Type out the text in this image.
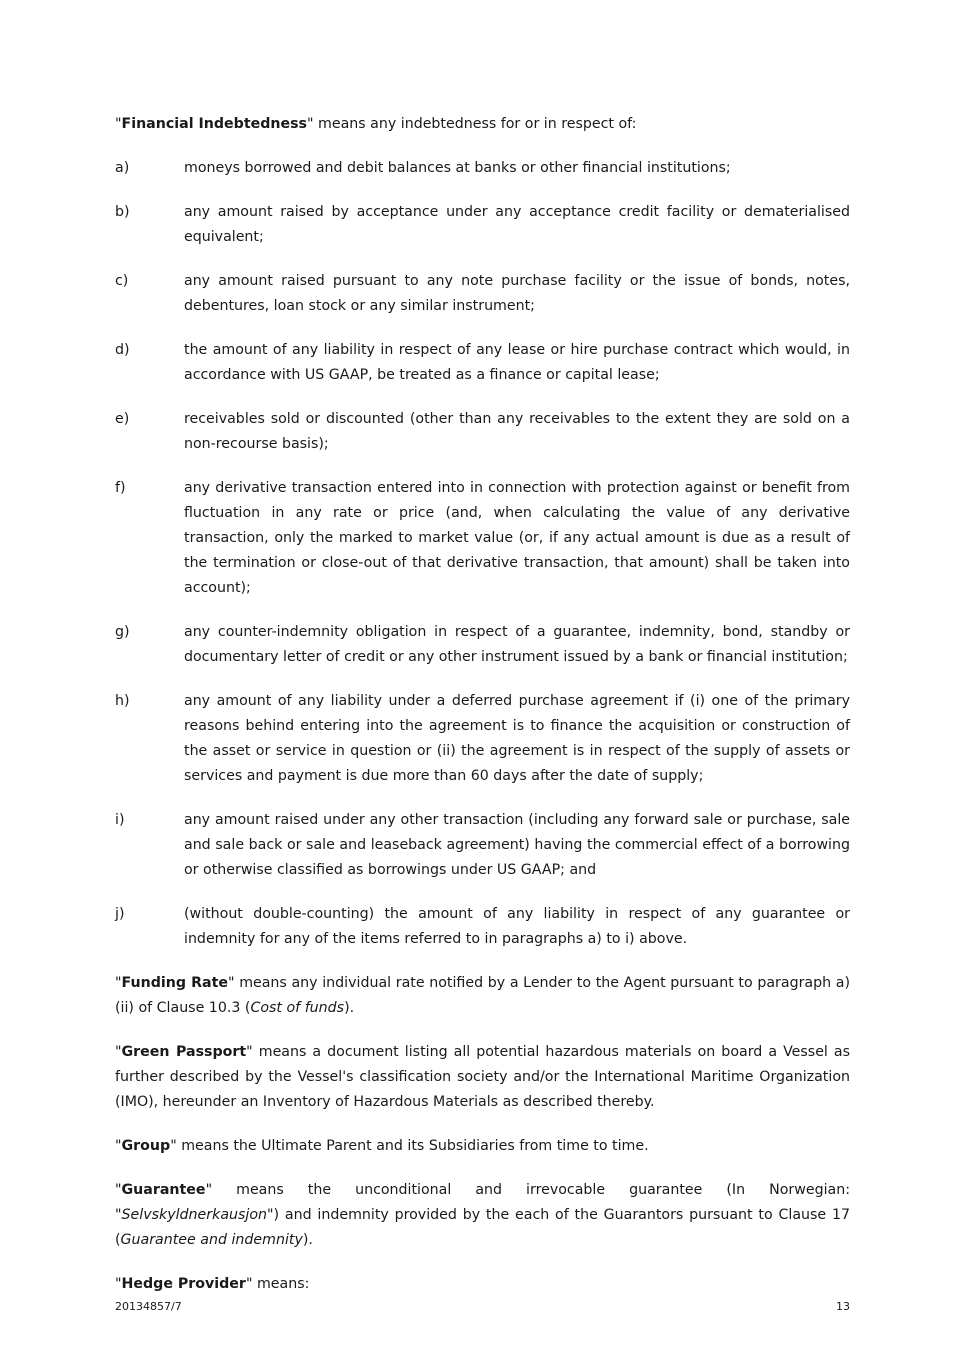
"Financial Indebtedness" means any indebtedness for or in respect of:

a)	moneys borrowed and debit balances at banks or other financial institutions;
b)	any amount raised by acceptance under any acceptance credit facility or dematerialised equivalent;
c)	any amount raised pursuant to any note purchase facility or the issue of bonds, notes, debentures, loan stock or any similar instrument;
d)	the amount of any liability in respect of any lease or hire purchase contract which would, in accordance with US GAAP, be treated as a finance or capital lease;
e)	receivables sold or discounted (other than any receivables to the extent they are sold on a non-recourse basis);
f)	any derivative transaction entered into in connection with protection against or benefit from fluctuation in any rate or price (and, when calculating the value of any derivative transaction, only the marked to market value (or, if any actual amount is due as a result of the termination or close-out of that derivative transaction, that amount) shall be taken into account);
g)	any counter-indemnity obligation in respect of a guarantee, indemnity, bond, standby or documentary letter of credit or any other instrument issued by a bank or financial institution;
h)	any amount of any liability under a deferred purchase agreement if (i) one of the primary reasons behind entering into the agreement is to finance the acquisition or construction of the asset or service in question or (ii) the agreement is in respect of the supply of assets or services and payment is due more than 60 days after the date of supply;
i)	any amount raised under any other transaction (including any forward sale or purchase, sale and sale back or sale and leaseback agreement) having the commercial effect of a borrowing or otherwise classified as borrowings under US GAAP; and
j)	(without double-counting) the amount of any liability in respect of any guarantee or indemnity for any of the items referred to in paragraphs a) to i) above.

"Funding Rate" means any individual rate notified by a Lender to the Agent pursuant to paragraph a)(ii) of Clause 10.3 (Cost of funds).

"Green Passport" means a document listing all potential hazardous materials on board a Vessel as further described by the Vessel's classification society and/or the International Maritime Organization (IMO), hereunder an Inventory of Hazardous Materials as described thereby.

"Group" means the Ultimate Parent and its Subsidiaries from time to time.

"Guarantee" means the unconditional and irrevocable guarantee (In Norwegian: "Selvskyldnerkausjon") and indemnity provided by the each of the Guarantors pursuant to Clause 17 (Guarantee and indemnity).

"Hedge Provider" means:

20134857/7	13
